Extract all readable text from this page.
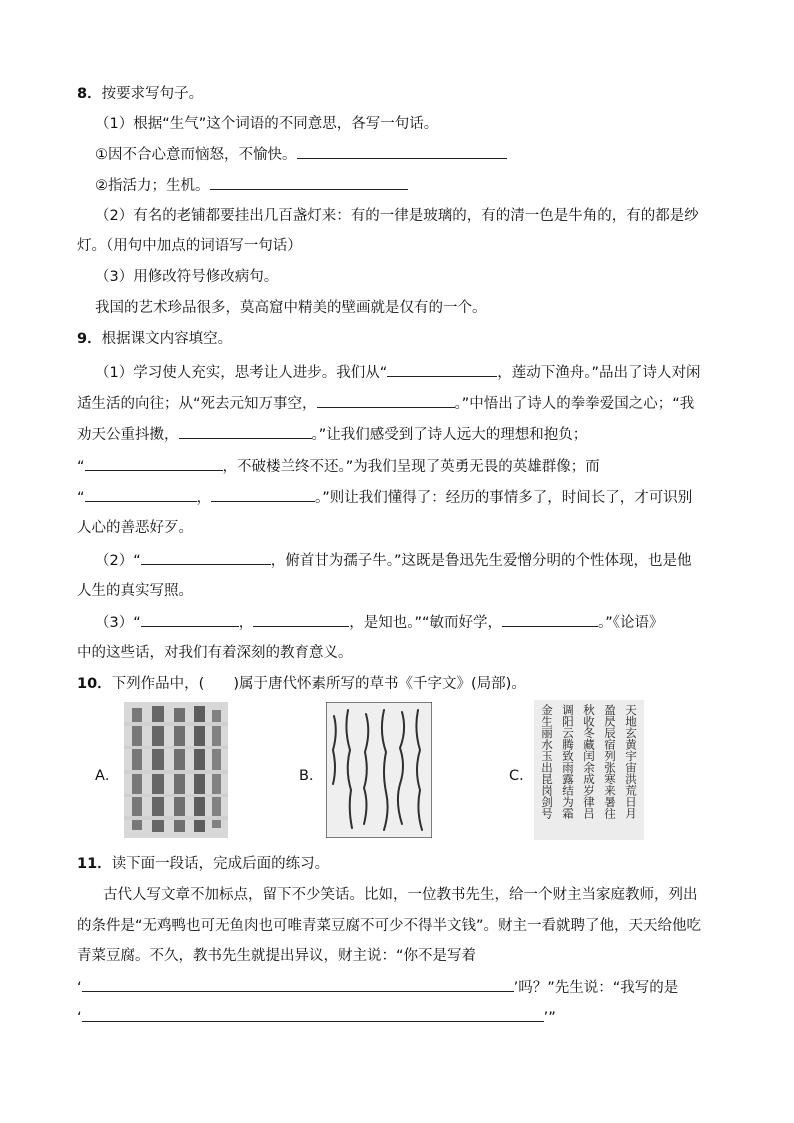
8．按要求写句子。
（1）根据“生气”这个词语的不同意思，各写一句话。
①因不合心意而恼怒，不愉快。
②指活力；生机。
（2）有名的老铺都要挂出几百盏灯来：有的一律是玻璃的，有的清一色是牛角的，有的都是纱
灯。（用句中加点的词语写一句话）
（3）用修改符号修改病句。
我国的艺术珍品很多，莫高窟中精美的壁画就是仅有的一个。
9．根据课文内容填空。
（1）学习使人充实，思考让人进步。我们从“	，莲动下渔舟。”品出了诗人对闲
适生活的向往；从“死去元知万事空，	。”中悟出了诗人的拳拳爱国之心；“我
劝天公重抖擞，	。”让我们感受到了诗人远大的理想和抱负；
“	，不破楼兰终不还。”为我们呈现了英勇无畏的英雄群像；而
“	，	。”则让我们懂得了：经历的事情多了，时间长了，才可识别
人心的善恶好歹。
（2）“	，俯首甘为孺子牛。”这既是鲁迅先生爱憎分明的个性体现，也是他
人生的真实写照。
（3）“	，	，是知也。”“敏而好学，	。”《论语》
中的这些话，对我们有着深刻的教育意义。
10．下列作品中，(　　)属于唐代怀素所写的草书《千字文》(局部)。
A．	B．	C．	天地玄黄宇宙洪荒日月
盈昃辰宿列张寒来暑往
秋收冬藏闰余成岁律吕
调阳云腾致雨露结为霜
金生丽水玉出昆岗剑号
11．读下面一段话，完成后面的练习。
古代人写文章不加标点，留下不少笑话。比如，一位教书先生，给一个财主当家庭教师，列出
的条件是“无鸡鸭也可无鱼肉也可唯青菜豆腐不可少不得半文钱”。财主一看就聘了他，天天给他吃
青菜豆腐。不久，教书先生就提出异议，财主说：“你不是写着
‘	’吗？”先生说：“我写的是
‘	’”
